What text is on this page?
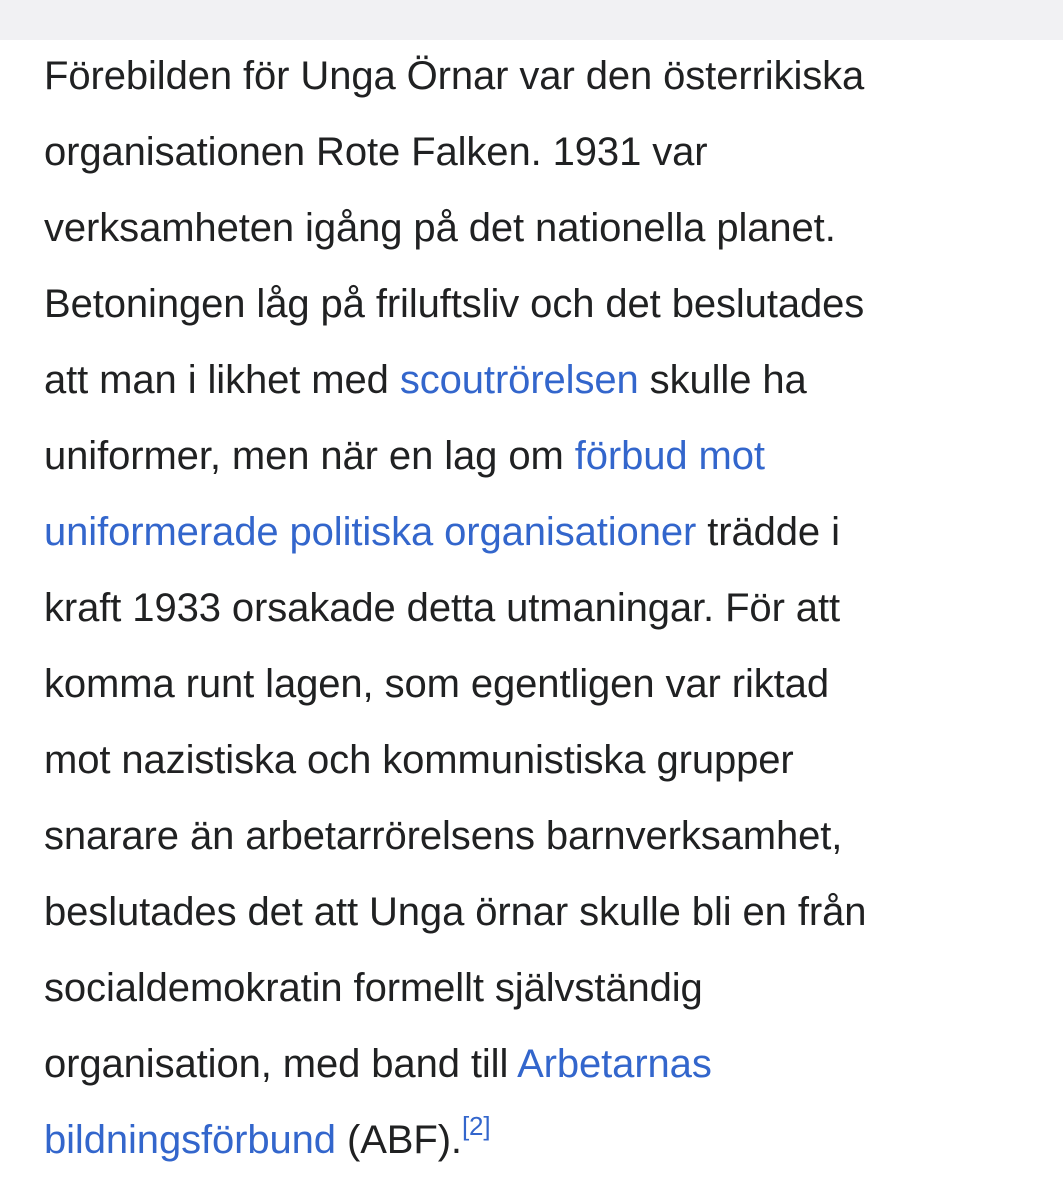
Förebilden för Unga Örnar var den österrikiska
organisationen Rote Falken. 1931 var
verksamheten igång på det nationella planet.
Betoningen låg på friluftsliv och det beslutades
att man i likhet med scoutrörelsen skulle ha
uniformer, men när en lag om förbud mot
uniformerade politiska organisationer trädde i
kraft 1933 orsakade detta utmaningar. För att
komma runt lagen, som egentligen var riktad
mot nazistiska och kommunistiska grupper
snarare än arbetarrörelsens barnverksamhet,
beslutades det att Unga örnar skulle bli en från
socialdemokratin formellt självständig
organisation, med band till Arbetarnas
bildningsförbund (ABF).[2]
